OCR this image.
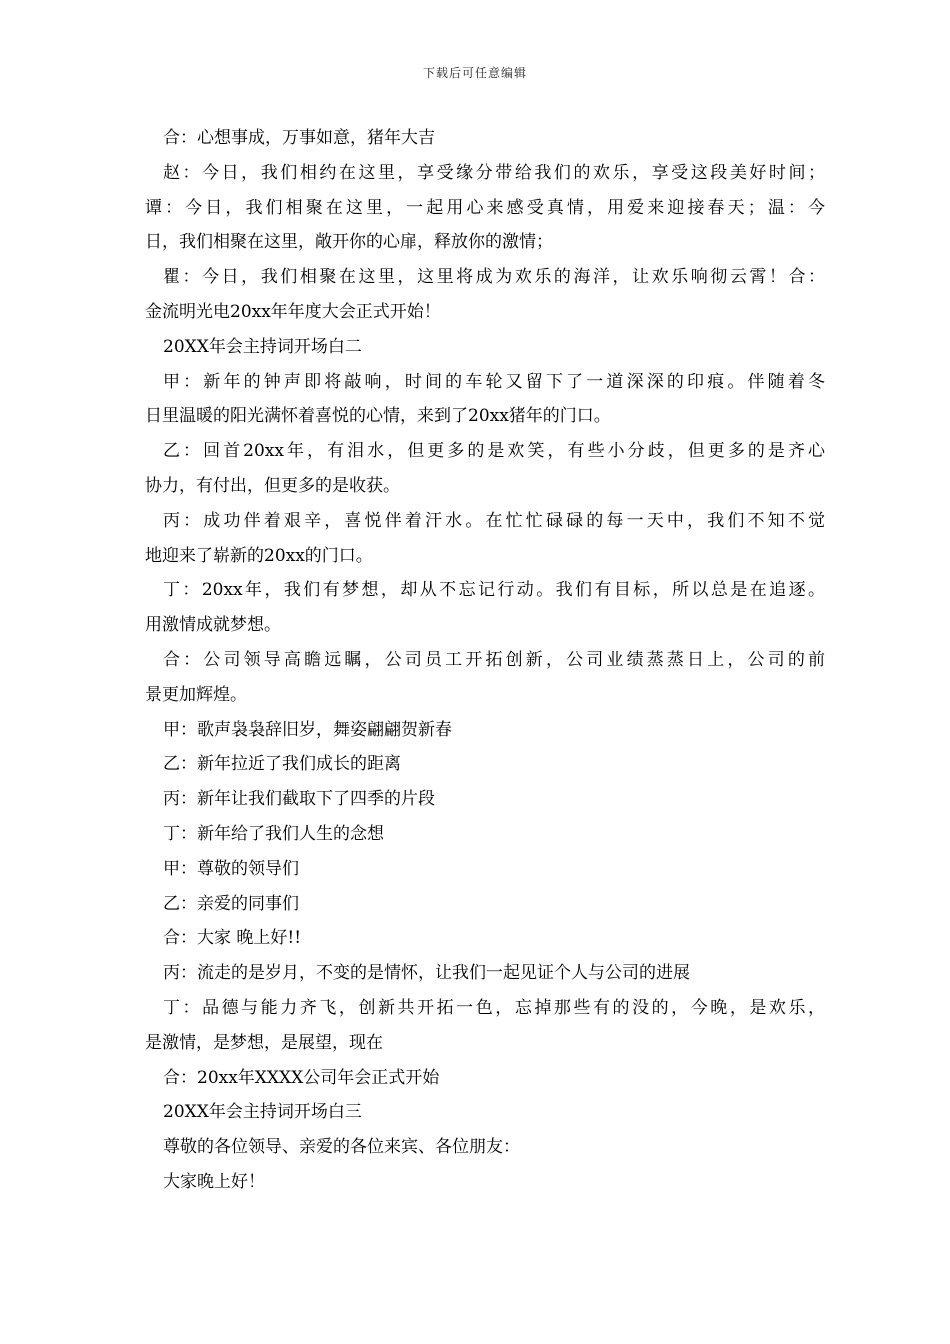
下载后可任意编辑
合：心想事成，万事如意，猪年大吉
赵：今日，我们相约在这里，享受缘分带给我们的欢乐，享受这段美好时间；
谭：今日，我们相聚在这里，一起用心来感受真情，用爱来迎接春天；温：今
日，我们相聚在这里，敞开你的心扉，释放你的激情；
瞿：今日，我们相聚在这里，这里将成为欢乐的海洋，让欢乐响彻云霄！合：
金流明光电20xx年年度大会正式开始！
20XX年会主持词开场白二
甲：新年的钟声即将敲响，时间的车轮又留下了一道深深的印痕。伴随着冬
日里温暖的阳光满怀着喜悦的心情，来到了20xx猪年的门口。
乙：回首20xx年，有泪水，但更多的是欢笑，有些小分歧，但更多的是齐心
协力，有付出，但更多的是收获。
丙：成功伴着艰辛，喜悦伴着汗水。在忙忙碌碌的每一天中，我们不知不觉
地迎来了崭新的20xx的门口。
丁：20xx年，我们有梦想，却从不忘记行动。我们有目标，所以总是在追逐。
用激情成就梦想。
合：公司领导高瞻远瞩，公司员工开拓创新，公司业绩蒸蒸日上，公司的前
景更加辉煌。
甲：歌声袅袅辞旧岁，舞姿翩翩贺新春
乙：新年拉近了我们成长的距离
丙：新年让我们截取下了四季的片段
丁：新年给了我们人生的念想
甲：尊敬的领导们
乙：亲爱的同事们
合：大家 晚上好!!
丙：流走的是岁月，不变的是情怀，让我们一起见证个人与公司的进展
丁：品德与能力齐飞，创新共开拓一色，忘掉那些有的没的，今晚，是欢乐，
是激情，是梦想，是展望，现在
合：20xx年XXXX公司年会正式开始
20XX年会主持词开场白三
尊敬的各位领导、亲爱的各位来宾、各位朋友：
大家晚上好！
